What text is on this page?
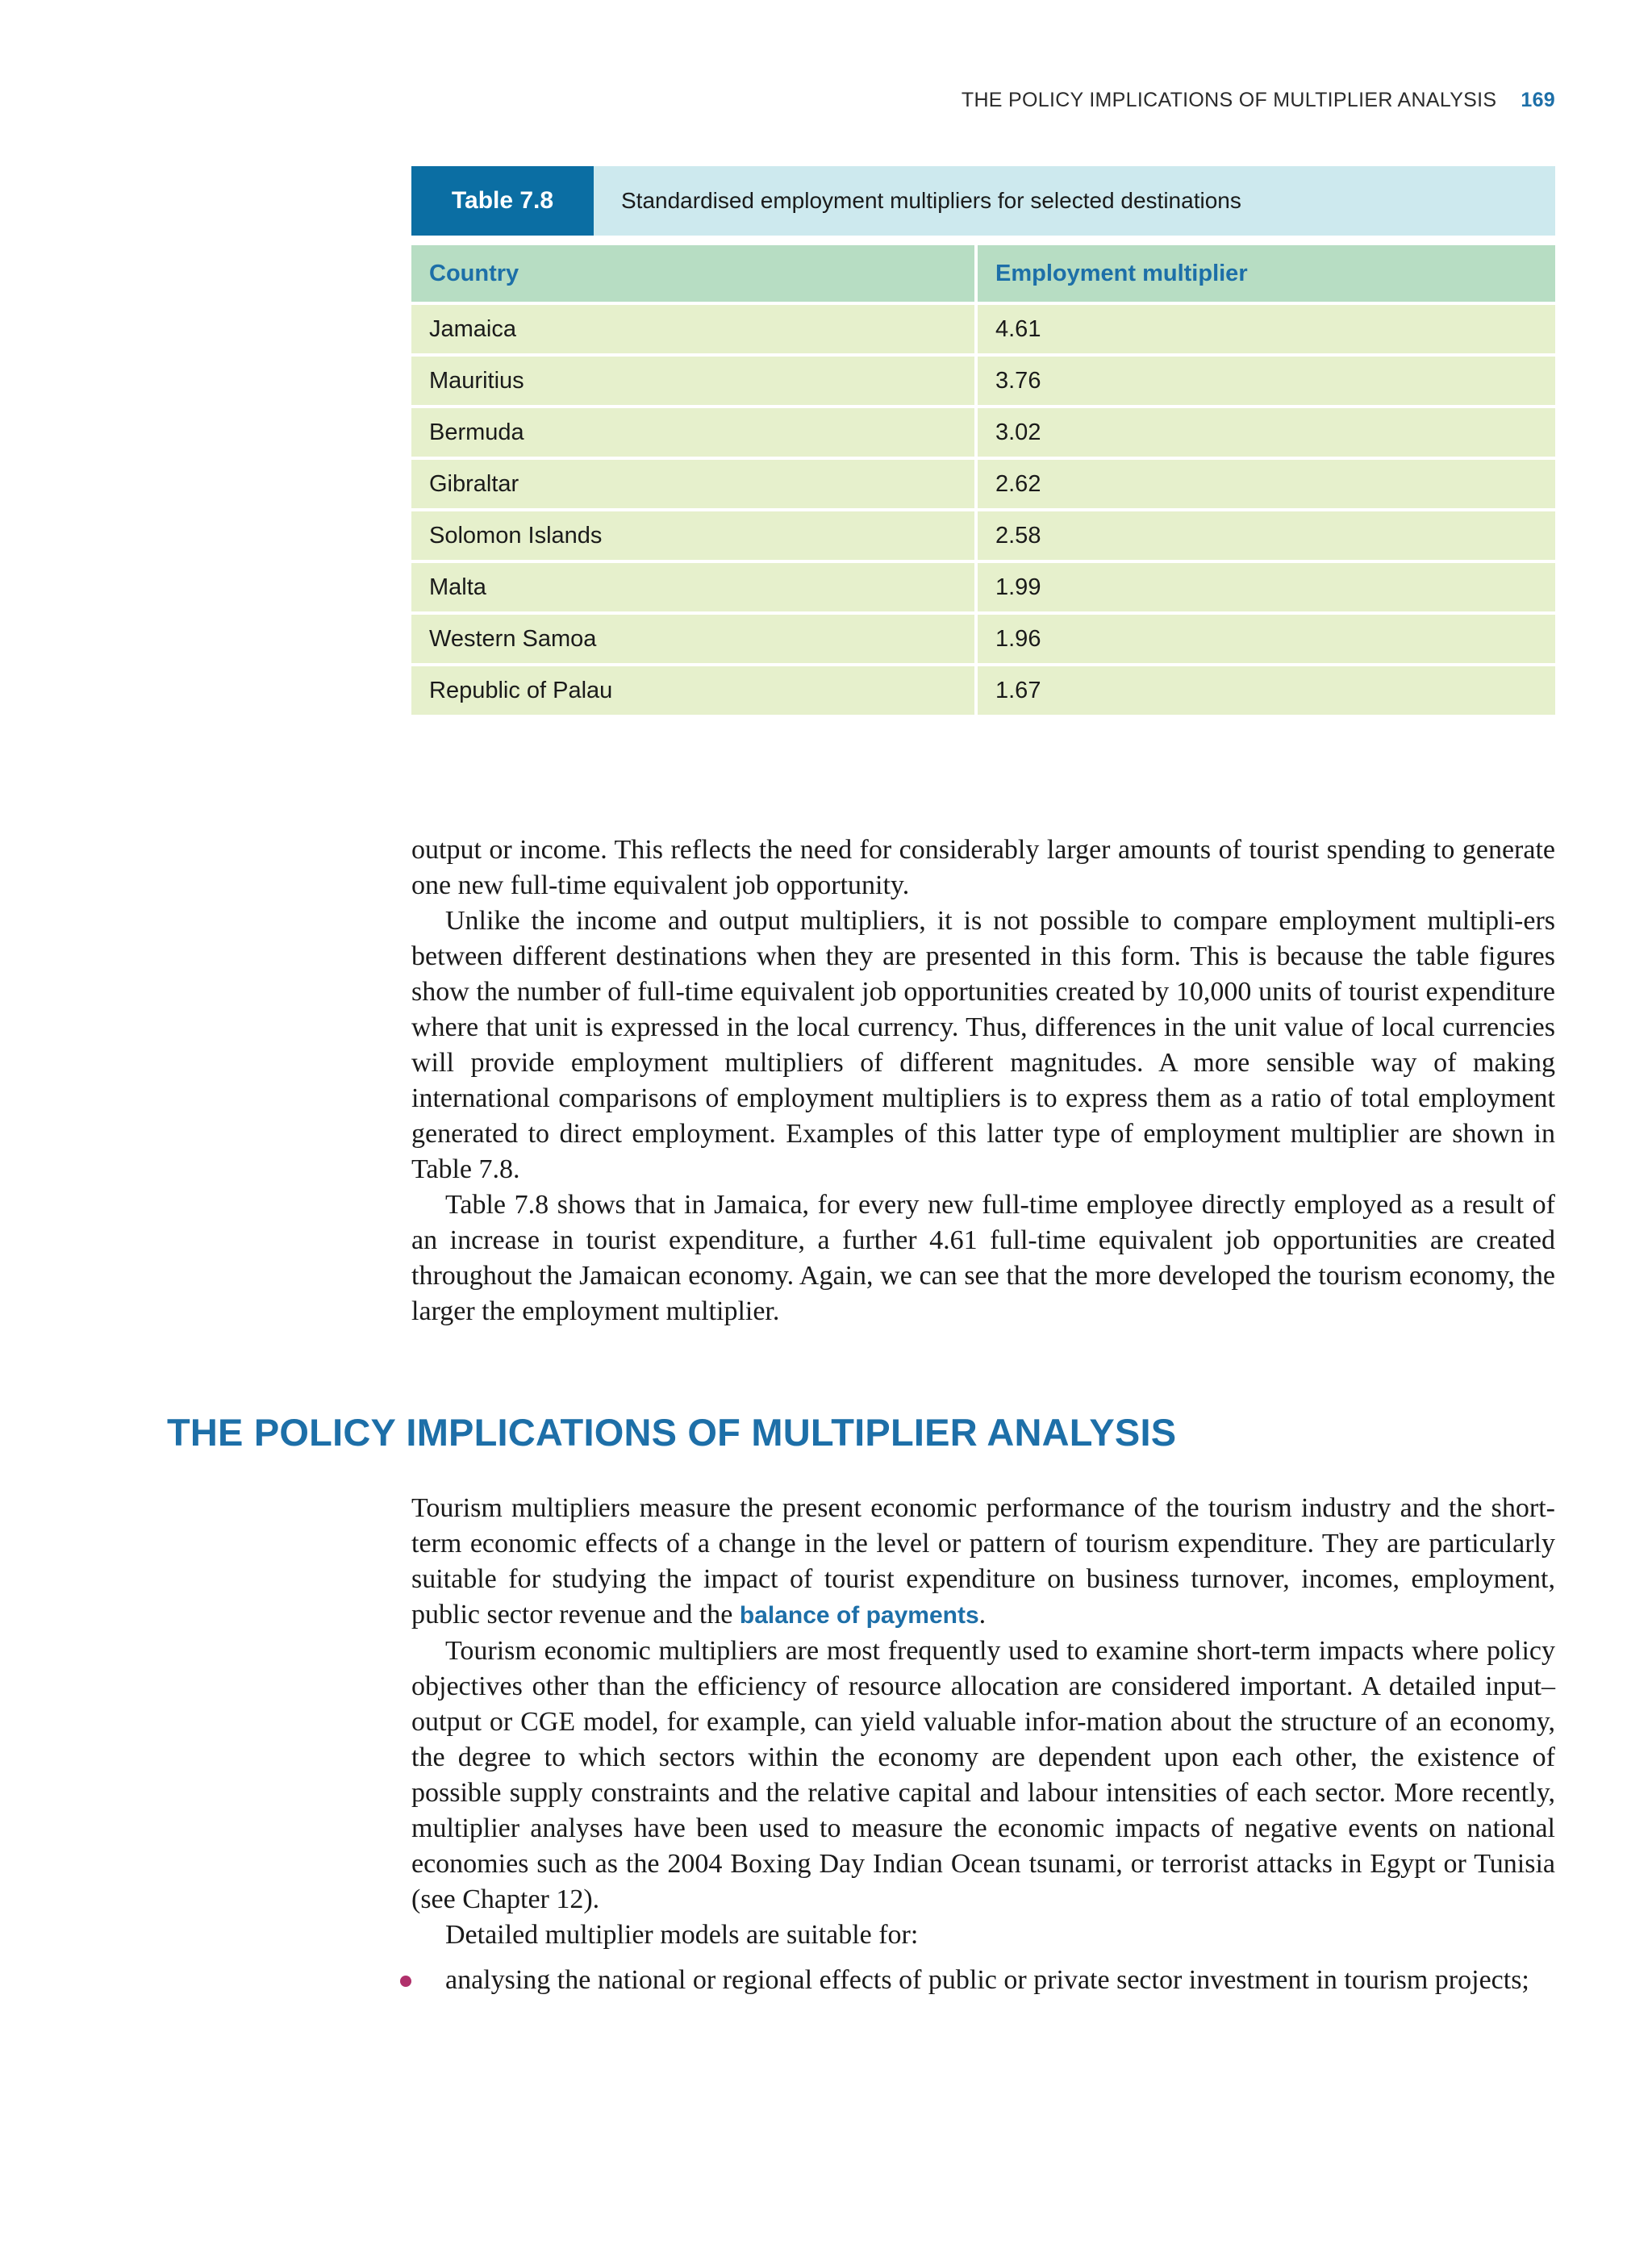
THE POLICY IMPLICATIONS OF MULTIPLIER ANALYSIS 169
Table 7.8	Standardised employment multipliers for selected destinations
Country	Employment multiplier
Jamaica	4.61
Mauritius	3.76
Bermuda	3.02
Gibraltar	2.62
Solomon Islands	2.58
Malta	1.99
Western Samoa	1.96
Republic of Palau	1.67

output or income. This reflects the need for considerably larger amounts of tourist spending to generate one new full-time equivalent job opportunity.

Unlike the income and output multipliers, it is not possible to compare employment multipli-ers between different destinations when they are presented in this form. This is because the table figures show the number of full-time equivalent job opportunities created by 10,000 units of tourist expenditure where that unit is expressed in the local currency. Thus, differences in the unit value of local currencies will provide employment multipliers of different magnitudes. A more sensible way of making international comparisons of employment multipliers is to express them as a ratio of total employment generated to direct employment. Examples of this latter type of employment multiplier are shown in Table 7.8.

Table 7.8 shows that in Jamaica, for every new full-time employee directly employed as a result of an increase in tourist expenditure, a further 4.61 full-time equivalent job opportunities are created throughout the Jamaican economy. Again, we can see that the more developed the tourism economy, the larger the employment multiplier.

THE POLICY IMPLICATIONS OF MULTIPLIER ANALYSIS

Tourism multipliers measure the present economic performance of the tourism industry and the short-term economic effects of a change in the level or pattern of tourism expenditure. They are particularly suitable for studying the impact of tourist expenditure on business turnover, incomes, employment, public sector revenue and the balance of payments.

Tourism economic multipliers are most frequently used to examine short-term impacts where policy objectives other than the efficiency of resource allocation are considered important. A detailed input–output or CGE model, for example, can yield valuable infor-mation about the structure of an economy, the degree to which sectors within the economy are dependent upon each other, the existence of possible supply constraints and the relative capital and labour intensities of each sector. More recently, multiplier analyses have been used to measure the economic impacts of negative events on national economies such as the 2004 Boxing Day Indian Ocean tsunami, or terrorist attacks in Egypt or Tunisia (see Chapter 12).

Detailed multiplier models are suitable for:

analysing the national or regional effects of public or private sector investment in tourism projects;
